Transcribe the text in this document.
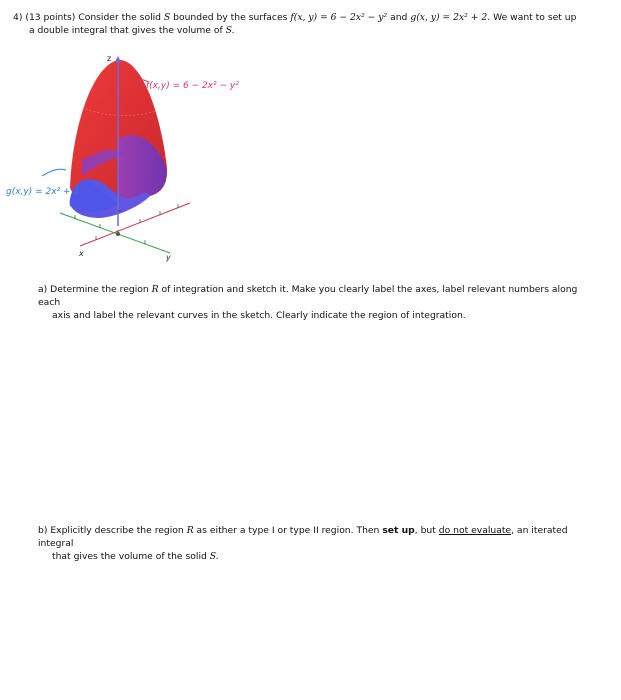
4) (13 points) Consider the solid S bounded by the surfaces f(x, y) = 6 − 2x² − y² and g(x, y) = 2x² + 2. We want to set up
a double integral that gives the volume of S.
z
y
x
f(x,y) = 6 − 2x² − y²
g(x,y) = 2x² + 2
a) Determine the region R of integration and sketch it. Make you clearly label the axes, label relevant numbers along each
axis and label the relevant curves in the sketch. Clearly indicate the region of integration.
b) Explicitly describe the region R as either a type I or type II region. Then set up, but do not evaluate, an iterated integral
that gives the volume of the solid S.
